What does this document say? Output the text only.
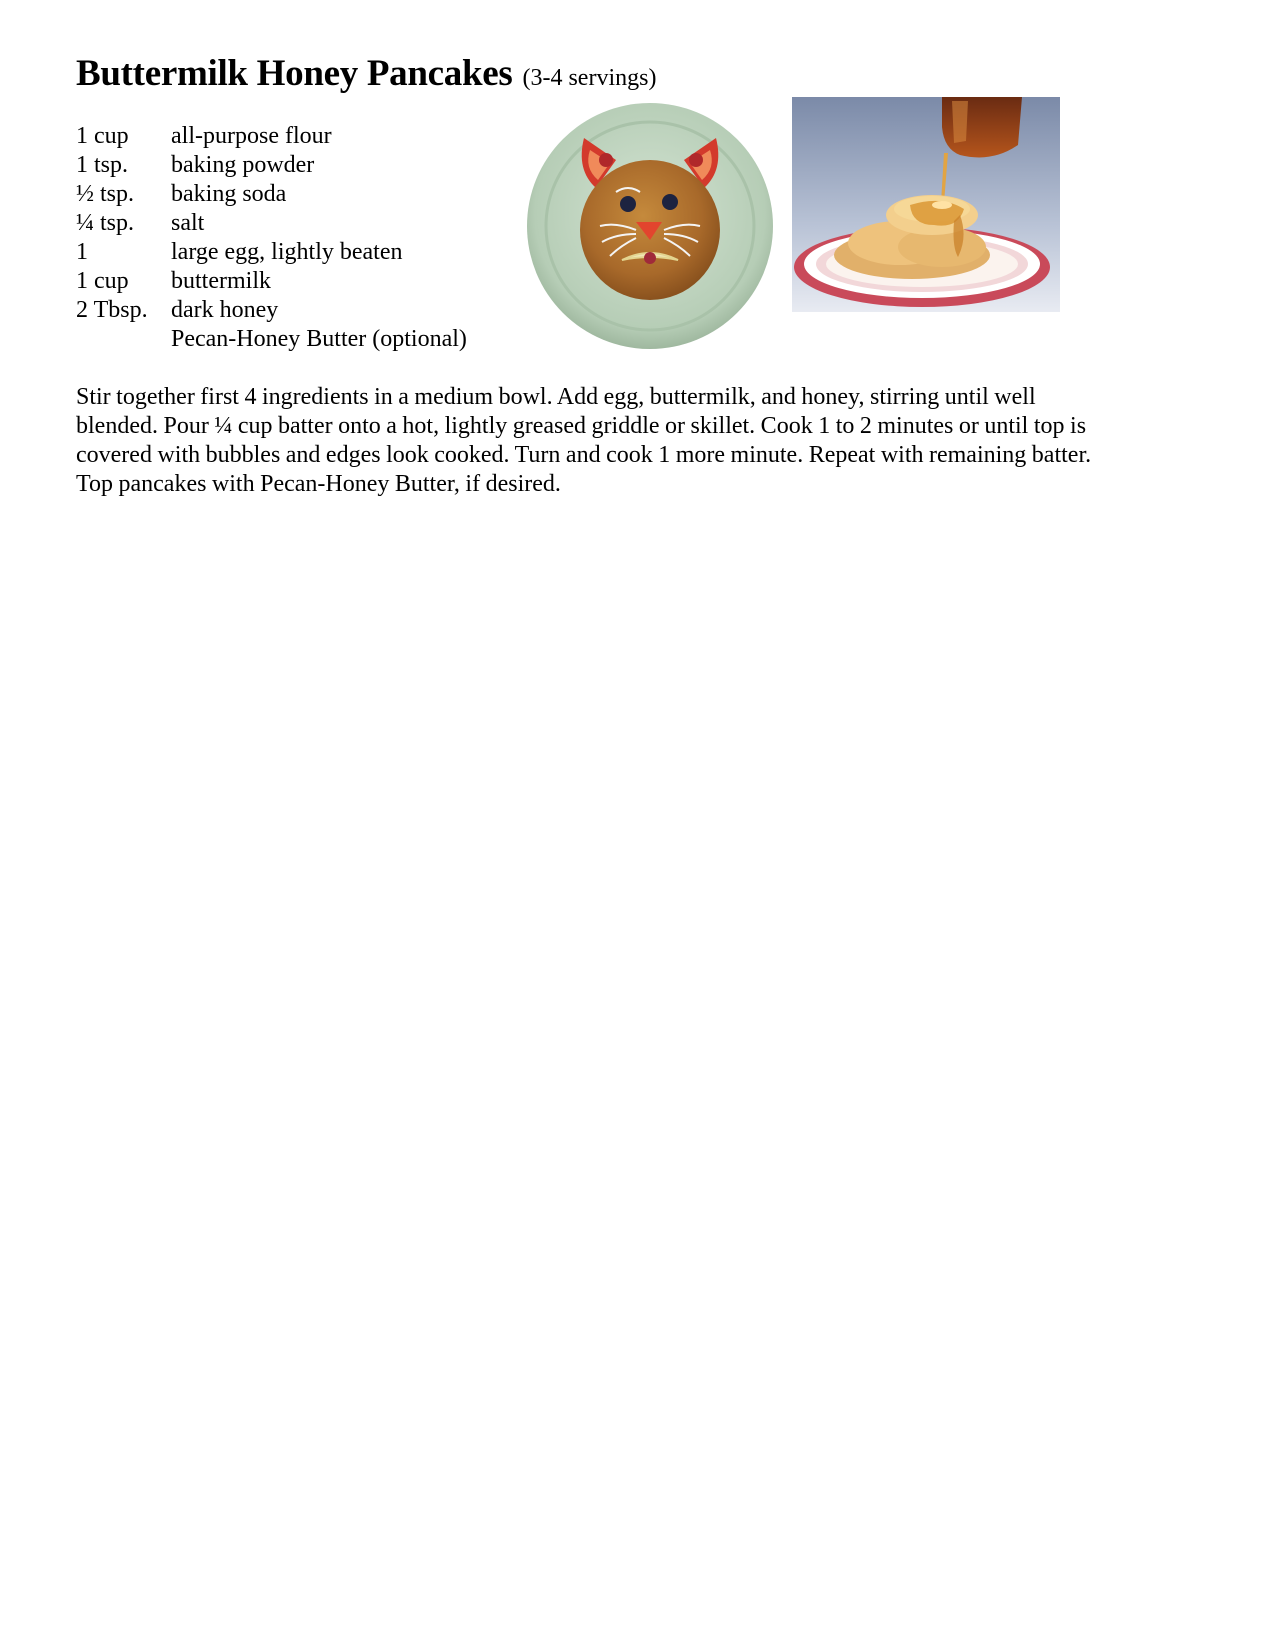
Buttermilk Honey Pancakes (3-4 servings)
1 cup	all-purpose flour
1 tsp.	baking powder
½ tsp.	baking soda
¼ tsp.	salt
1	large egg, lightly beaten
1 cup	buttermilk
2 Tbsp. dark honey
Pecan-Honey Butter (optional)
Stir together first 4 ingredients in a medium bowl. Add egg, buttermilk, and honey, stirring until well blended. Pour ¼ cup batter onto a hot, lightly greased griddle or skillet. Cook 1 to 2 minutes or until top is covered with bubbles and edges look cooked. Turn and cook 1 more minute. Repeat with remaining batter. Top pancakes with Pecan-Honey Butter, if desired.
